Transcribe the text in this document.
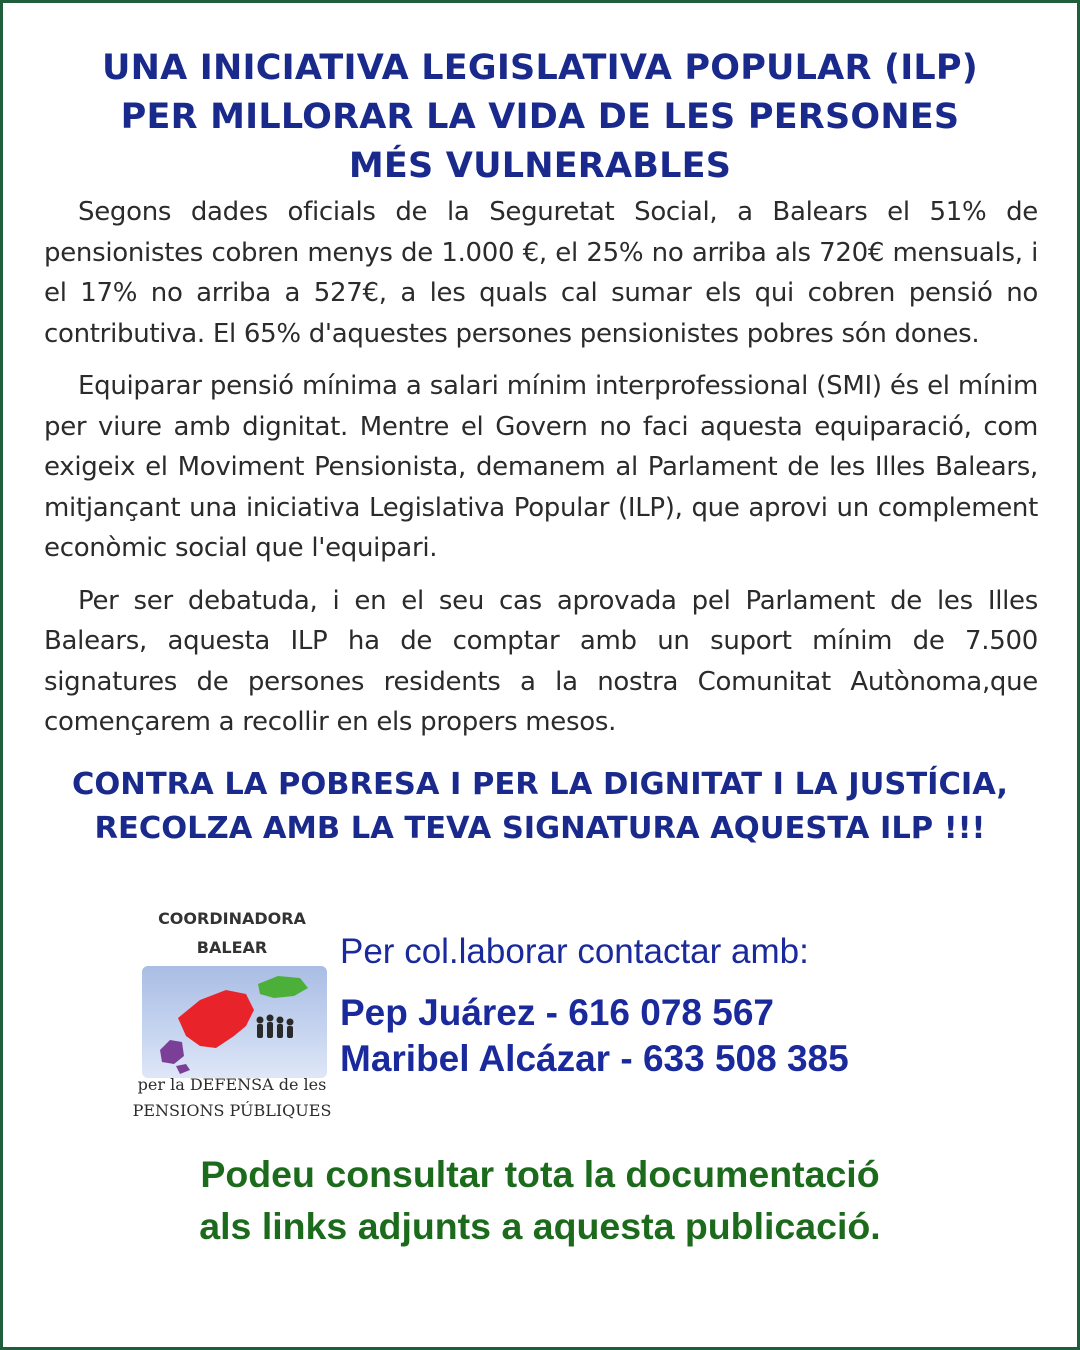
UNA INICIATIVA LEGISLATIVA POPULAR (ILP)
PER MILLORAR LA VIDA DE LES PERSONES
MÉS VULNERABLES

Segons dades oficials de la Seguretat Social, a Balears el 51% de pensionistes cobren menys de 1.000 €, el 25% no arriba als 720€ mensuals, i el 17% no arriba a 527€, a les quals cal sumar els qui cobren pensió no contributiva. El 65% d'aquestes persones pensionistes pobres són dones.

Equiparar pensió mínima a salari mínim interprofessional (SMI) és el mínim per viure amb dignitat. Mentre el Govern no faci aquesta equiparació, com exigeix el Moviment Pensionista, demanem al Parlament de les Illes Balears, mitjançant una iniciativa Legislativa Popular (ILP), que aprovi un complement econòmic social que l'equipari.

Per ser debatuda, i en el seu cas aprovada pel Parlament de les Illes Balears, aquesta ILP ha de comptar amb un suport mínim de 7.500 signatures de persones residents a la nostra Comunitat Autònoma,que començarem a recollir en els propers mesos.

CONTRA LA POBRESA I PER LA DIGNITAT I LA JUSTÍCIA,
RECOLZA AMB LA TEVA SIGNATURA AQUESTA ILP !!!
COORDINADORA
BALEAR
per la DEFENSA de les
PENSIONS PÚBLIQUES
Per col.laborar contactar amb:
Pep Juárez - 616 078 567
Maribel Alcázar - 633 508 385
Podeu consultar tota la documentació
als links adjunts a aquesta publicació.
